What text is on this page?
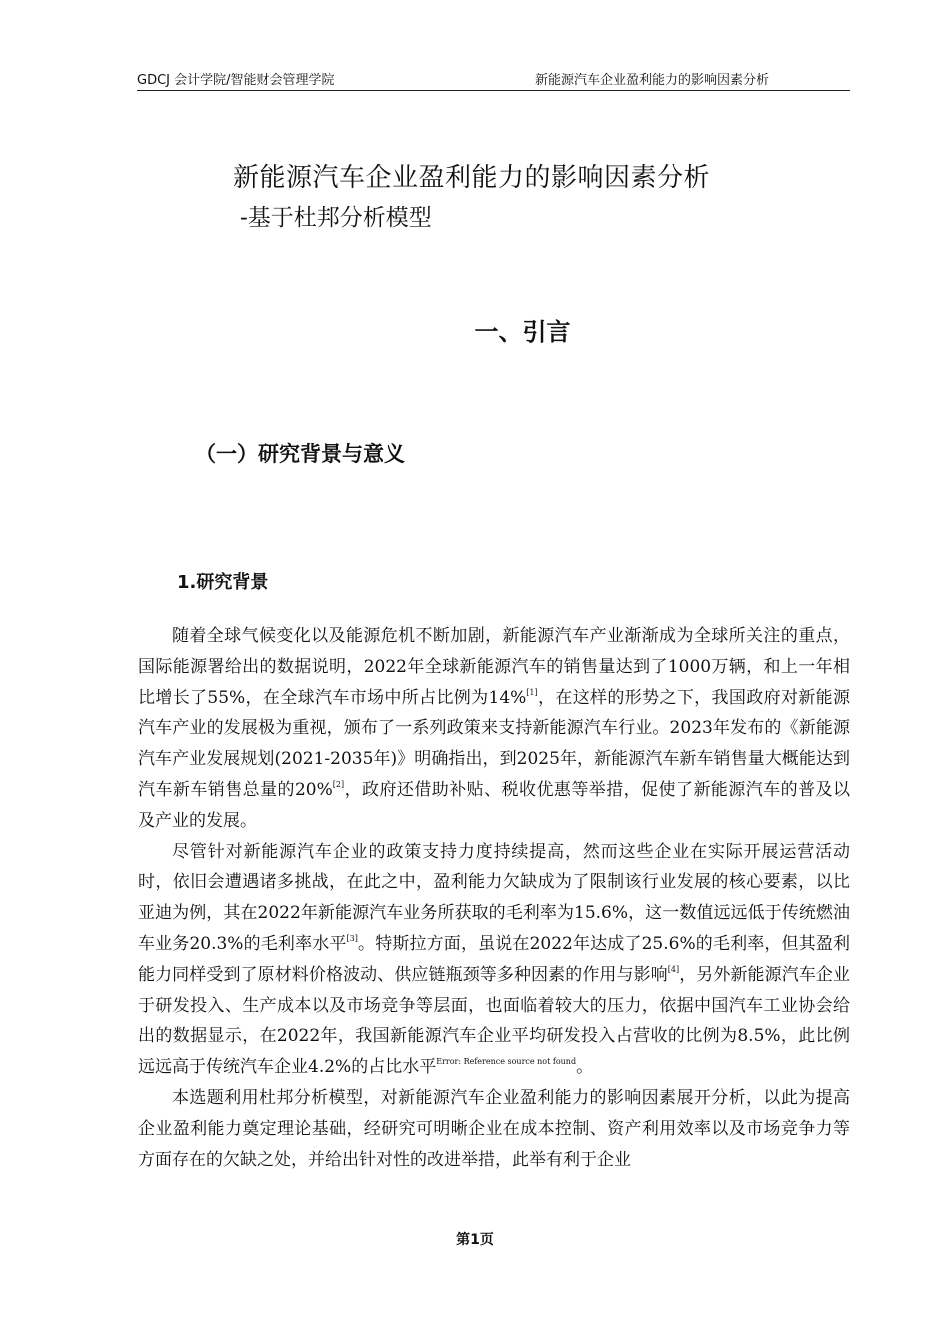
GDCJ 会计学院/智能财会管理学院	新能源汽车企业盈利能力的影响因素分析
新能源汽车企业盈利能力的影响因素分析
-基于杜邦分析模型
一、引言
（一）研究背景与意义
1.研究背景

随着全球气候变化以及能源危机不断加剧，新能源汽车产业渐渐成为全球所关注的重点，国际能源署给出的数据说明，2022年全球新能源汽车的销售量达到了1000万辆，和上一年相比增长了55%，在全球汽车市场中所占比例为14%[1]，在这样的形势之下，我国政府对新能源汽车产业的发展极为重视，颁布了一系列政策来支持新能源汽车行业。2023年发布的《新能源汽车产业发展规划(2021-2035年)》明确指出，到2025年，新能源汽车新车销售量大概能达到汽车新车销售总量的20%[2]，政府还借助补贴、税收优惠等举措，促使了新能源汽车的普及以及产业的发展。

尽管针对新能源汽车企业的政策支持力度持续提高，然而这些企业在实际开展运营活动时，依旧会遭遇诸多挑战，在此之中，盈利能力欠缺成为了限制该行业发展的核心要素，以比亚迪为例，其在2022年新能源汽车业务所获取的毛利率为15.6%，这一数值远远低于传统燃油车业务20.3%的毛利率水平[3]。特斯拉方面，虽说在2022年达成了25.6%的毛利率，但其盈利能力同样受到了原材料价格波动、供应链瓶颈等多种因素的作用与影响[4]，另外新能源汽车企业于研发投入、生产成本以及市场竞争等层面，也面临着较大的压力，依据中国汽车工业协会给出的数据显示，在2022年，我国新能源汽车企业平均研发投入占营收的比例为8.5%，此比例远远高于传统汽车企业4.2%的占比水平$^{Error: Reference source not found}$。

本选题利用杜邦分析模型，对新能源汽车企业盈利能力的影响因素展开分析，以此为提高企业盈利能力奠定理论基础，经研究可明晰企业在成本控制、资产利用效率以及市场竞争力等方面存在的欠缺之处，并给出针对性的改进举措，此举有利于企业

第1页
